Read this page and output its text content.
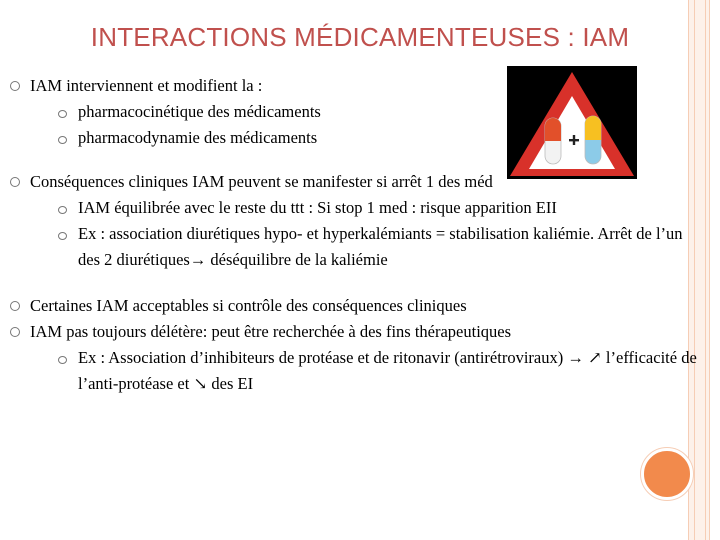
INTERACTIONS MÉDICAMENTEUSES : IAM
IAM interviennent et modifient la :
pharmacocinétique des médicaments
pharmacodynamie des médicaments
Conséquences cliniques IAM peuvent se manifester si arrêt 1 des méd
IAM équilibrée avec le reste du ttt : Si stop 1 med : risque apparition EII
Ex : association diurétiques hypo- et hyperkalémiants = stabilisation kaliémie. Arrêt de l’un des 2 diurétiques→ déséquilibre de la kaliémie
Certaines IAM acceptables si contrôle des conséquences cliniques
IAM pas toujours délétère: peut être recherchée à des fins thérapeutiques
Ex : Association d’inhibiteurs de protéase et de ritonavir (antirétroviraux) → ↗ l’efficacité de l’anti-protéase et ↘ des EI
